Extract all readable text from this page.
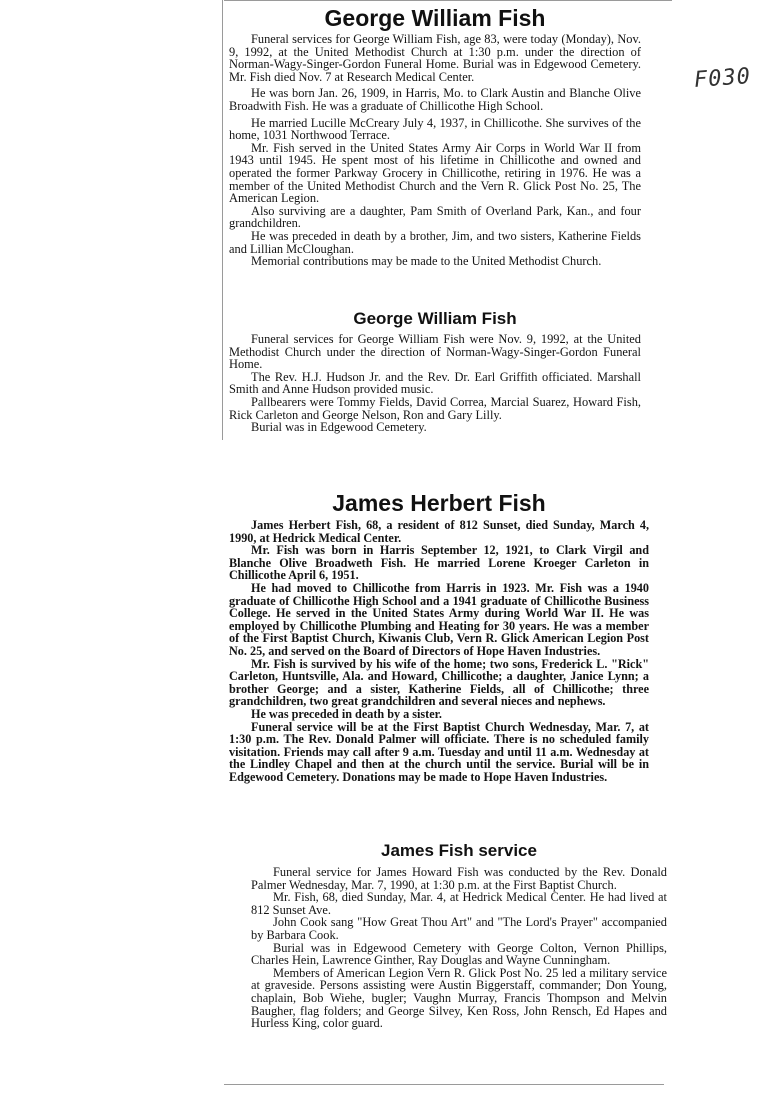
F030
George William Fish

Funeral services for George William Fish, age 83, were today (Monday), Nov. 9, 1992, at the United Methodist Church at 1:30 p.m. under the direction of Norman-Wagy-Singer-Gordon Funeral Home. Burial was in Edgewood Cemetery. Mr. Fish died Nov. 7 at Research Medical Center.

He was born Jan. 26, 1909, in Harris, Mo. to Clark Austin and Blanche Olive Broadwith Fish. He was a graduate of Chillicothe High School.

He married Lucille McCreary July 4, 1937, in Chillicothe. She survives of the home, 1031 Northwood Terrace.

Mr. Fish served in the United States Army Air Corps in World War II from 1943 until 1945. He spent most of his lifetime in Chillicothe and owned and operated the former Parkway Grocery in Chillicothe, retiring in 1976. He was a member of the United Methodist Church and the Vern R. Glick Post No. 25, The American Legion.

Also surviving are a daughter, Pam Smith of Overland Park, Kan., and four grandchildren.

He was preceded in death by a brother, Jim, and two sisters, Katherine Fields and Lillian McCloughan.

Memorial contributions may be made to the United Methodist Church.

George William Fish

Funeral services for George William Fish were Nov. 9, 1992, at the United Methodist Church under the direction of Norman-Wagy-Singer-Gordon Funeral Home.

The Rev. H.J. Hudson Jr. and the Rev. Dr. Earl Griffith officiated. Marshall Smith and Anne Hudson provided music.

Pallbearers were Tommy Fields, David Correa, Marcial Suarez, Howard Fish, Rick Carleton and George Nelson, Ron and Gary Lilly.

Burial was in Edgewood Cemetery.

James Herbert Fish

James Herbert Fish, 68, a resident of 812 Sunset, died Sunday, March 4, 1990, at Hedrick Medical Center.

Mr. Fish was born in Harris September 12, 1921, to Clark Virgil and Blanche Olive Broadweth Fish. He married Lorene Kroeger Carleton in Chillicothe April 6, 1951.

He had moved to Chillicothe from Harris in 1923. Mr. Fish was a 1940 graduate of Chillicothe High School and a 1941 graduate of Chillicothe Business College. He served in the United States Army during World War II. He was employed by Chillicothe Plumbing and Heating for 30 years. He was a member of the First Baptist Church, Kiwanis Club, Vern R. Glick American Legion Post No. 25, and served on the Board of Directors of Hope Haven Industries.

Mr. Fish is survived by his wife of the home; two sons, Frederick L. "Rick" Carleton, Huntsville, Ala. and Howard, Chillicothe; a daughter, Janice Lynn; a brother George; and a sister, Katherine Fields, all of Chillicothe; three grandchildren, two great grandchildren and several nieces and nephews.

He was preceded in death by a sister.

Funeral service will be at the First Baptist Church Wednesday, Mar. 7, at 1:30 p.m. The Rev. Donald Palmer will officiate. There is no scheduled family visitation. Friends may call after 9 a.m. Tuesday and until 11 a.m. Wednesday at the Lindley Chapel and then at the church until the service. Burial will be in Edgewood Cemetery. Donations may be made to Hope Haven Industries.

James Fish service

Funeral service for James Howard Fish was conducted by the Rev. Donald Palmer Wednesday, Mar. 7, 1990, at 1:30 p.m. at the First Baptist Church.

Mr. Fish, 68, died Sunday, Mar. 4, at Hedrick Medical Center. He had lived at 812 Sunset Ave.

John Cook sang "How Great Thou Art" and "The Lord's Prayer" accompanied by Barbara Cook.

Burial was in Edgewood Cemetery with George Colton, Vernon Phillips, Charles Hein, Lawrence Ginther, Ray Douglas and Wayne Cunningham.

Members of American Legion Vern R. Glick Post No. 25 led a military service at graveside. Persons assisting were Austin Biggerstaff, commander; Don Young, chaplain, Bob Wiehe, bugler; Vaughn Murray, Francis Thompson and Melvin Baugher, flag folders; and George Silvey, Ken Ross, John Rensch, Ed Hapes and Hurless King, color guard.
